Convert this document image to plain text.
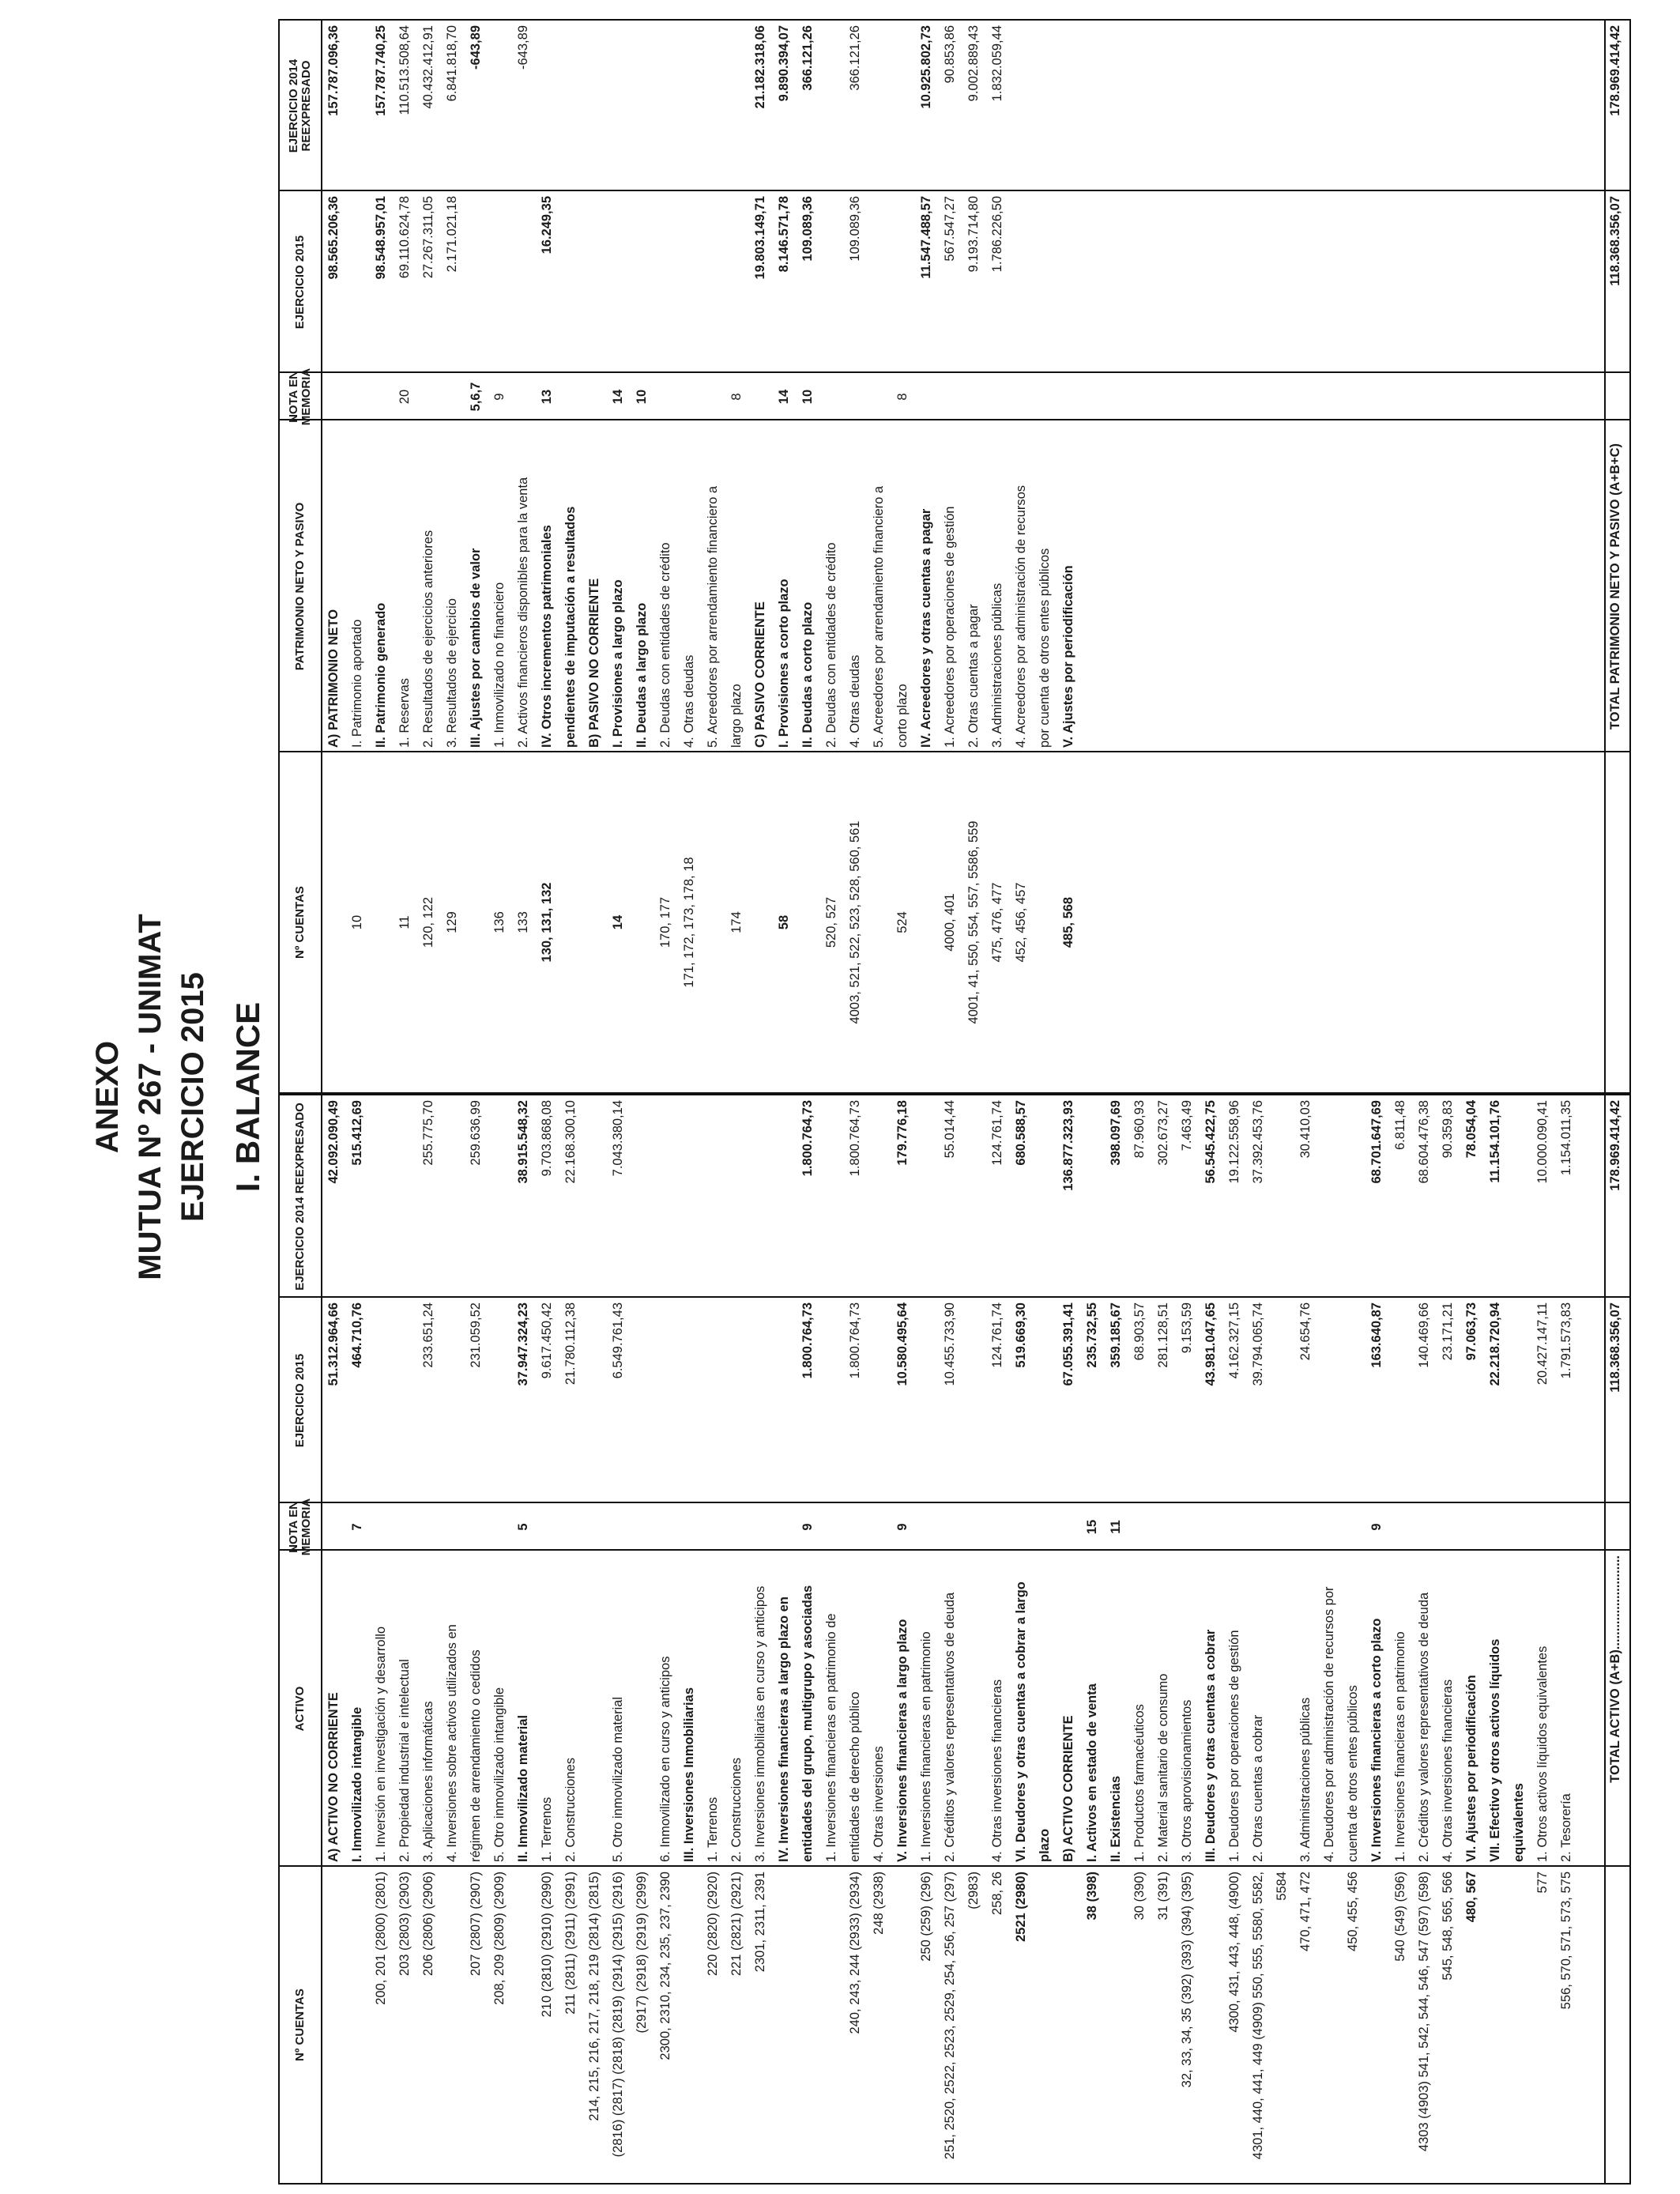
ANEXO MUTUA Nº 267 - UNIMAT EJERCICIO 2015 I. BALANCE
Nº CUENTAS
ACTIVO
NOTA EN MEMORIA
EJERCICIO 2015
EJERCICIO 2014 REEXPRESADO
A) ACTIVO NO CORRIENTE
51.312.964,66
42.092.090,49
I. Inmovilizado intangible
7
464.710,76
515.412,69
200, 201 (2800) (2801)
1. Inversión en investigación y desarrollo
203 (2803) (2903)
2. Propiedad industrial e intelectual
206 (2806) (2906)
3. Aplicaciones informáticas
233.651,24
255.775,70
4. Inversiones sobre activos utilizados en
207 (2807) (2907)
régimen de arrendamiento o cedidos
231.059,52
259.636,99
208, 209 (2809) (2909)
5. Otro inmovilizado intangible II. Inmovilizado material
5
37.947.324,23
38.915.548,32
210 (2810) (2910) (2990)
1. Terrenos
9.617.450,42
9.703.868,08
211 (2811) (2911) (2991)
2. Construcciones
21.780.112,38
22.168.300,10
214, 215, 216, 217, 218, 219 (2814) (2815) (2816) (2817) (2818) (2819) (2914) (2915) (2916)
5. Otro inmovilizado material
6.549.761,43
7.043.380,14
(2917) (2918) (2919) (2999) 2300, 2310, 234, 235, 237, 2390
6. Inmovilizado en curso y anticipos III. Inversiones Inmobiliarias
220 (2820) (2920)
1. Terrenos
221 (2821) (2921)
2. Construcciones
2301, 2311, 2391
3. Inversiones inmobiliarias en curso y anticipos IV. Inversiones financieras a largo plazo en entidades del grupo, multigrupo y asociadas
9
1.800.764,73
1.800.764,73
1. Inversiones financieras en patrimonio de
240, 243, 244 (2933) (2934)
entidades de derecho público
1.800.764,73
1.800.764,73
248 (2938)
4. Otras inversiones V. Inversiones financieras a largo plazo
9
10.580.495,64
179.776,18
250 (259) (296)
1. Inversiones financieras en patrimonio
251, 2520, 2522, 2523, 2529, 254, 256, 257 (297)
2. Créditos y valores representativos de deuda
10.455.733,90
55.014,44
(2983) 258, 26
4. Otras inversiones financieras
124.761,74
124.761,74
2521 (2980)
VI. Deudores y otras cuentas a cobrar a largo
519.669,30
680.588,57
plazo B) ACTIVO CORRIENTE
67.055.391,41
136.877.323,93
38 (398)
I. Activos en estado de venta
15
235.732,55
II. Existencias
11
359.185,67
398.097,69
30 (390)
1. Productos farmacéuticos
68.903,57
87.960,93
31 (391)
2. Material sanitario de consumo
281.128,51
302.673,27
32, 33, 34, 35 (392) (393) (394) (395)
3. Otros aprovisionamientos
9.153,59
7.463,49
III. Deudores y otras cuentas a cobrar
43.981.047,65
56.545.422,75
4300, 431, 443, 448, (4900)
1. Deudores por operaciones de gestión
4.162.327,15
19.122.558,96
4301, 440, 441, 449 (4909) 550, 555, 5580, 5582,
2. Otras cuentas a cobrar
39.794.065,74
37.392.453,76
5584 470, 471, 472
3. Administraciones públicas
24.654,76
30.410,03
4. Deudores por administración de recursos por
450, 455, 456
cuenta de otros entes públicos V. Inversiones financieras a corto plazo
9
163.640,87
68.701.647,69
540 (549) (596)
1. Inversiones financieras en patrimonio
6.811,48
4303 (4903) 541, 542, 544, 546, 547 (597) (598)
2. Créditos y valores representativos de deuda
140.469,66
68.604.476,38
545, 548, 565, 566
4. Otras inversiones financieras
23.171,21
90.359,83
480, 567
VI. Ajustes por periodificación
97.063,73
78.054,04
VII. Efectivo y otros activos líquidos
22.218.720,94
11.154.101,76
equivalentes
577
1. Otros activos líquidos equivalentes
20.427.147,11
10.000.090,41
556, 570, 571, 573, 575
2. Tesorería
1.791.573,83
1.154.011,35
TOTAL ACTIVO (A+B)..........................
118.368.356,07
178.969.414,42
Nº CUENTAS
PATRIMONIO NETO Y PASIVO
NOTA EN MEMORIA
EJERCICIO 2015
EJERCICIO 2014 REEXPRESADO
A) PATRIMONIO NETO
98.565.206,36
157.787.096,36
10
I. Patrimonio aportado II. Patrimonio generado
98.548.957,01
157.787.740,25
11
1. Reservas
20
69.110.624,78
110.513.508,64
120, 122
2. Resultados de ejercicios anteriores
27.267.311,05
40.432.412,91
129
3. Resultados de ejercicio
2.171.021,18
6.841.818,70
III. Ajustes por cambios de valor
5,6,7
-643,89
136
1. Inmovilizado no financiero
9
133
2. Activos financieros disponibles para la venta
-643,89
130, 131, 132
IV. Otros incrementos patrimoniales
13
16.249,35
pendientes de imputación a resultados B) PASIVO NO CORRIENTE
14
I. Provisiones a largo plazo
14
II. Deudas a largo plazo
10
170, 177
2. Deudas con entidades de crédito
171, 172, 173, 178, 18
4. Otras deudas 5. Acreedores por arrendamiento financiero a
174
largo plazo
8
C) PASIVO CORRIENTE
19.803.149,71
21.182.318,06
58
I. Provisiones a corto plazo
14
8.146.571,78
9.890.394,07
II. Deudas a corto plazo
10
109.089,36
366.121,26
520, 527
2. Deudas con entidades de crédito
4003, 521, 522, 523, 528, 560, 561
4. Otras deudas
109.089,36
366.121,26
5. Acreedores por arrendamiento financiero a
524
corto plazo
8
IV. Acreedores y otras cuentas a pagar
11.547.488,57
10.925.802,73
4000, 401
1. Acreedores por operaciones de gestión
567.547,27
90.853,86
4001, 41, 550, 554, 557, 5586, 559
2. Otras cuentas a pagar
9.193.714,80
9.002.889,43
475, 476, 477
3. Administraciones públicas
1.786.226,50
1.832.059,44
452, 456, 457
4. Acreedores por administración de recursos por cuenta de otros entes públicos
485, 568
V. Ajustes por periodificación	TOTAL PATRIMONIO NETO Y PASIVO (A+B+C)
118.368.356,07
178.969.414,42
